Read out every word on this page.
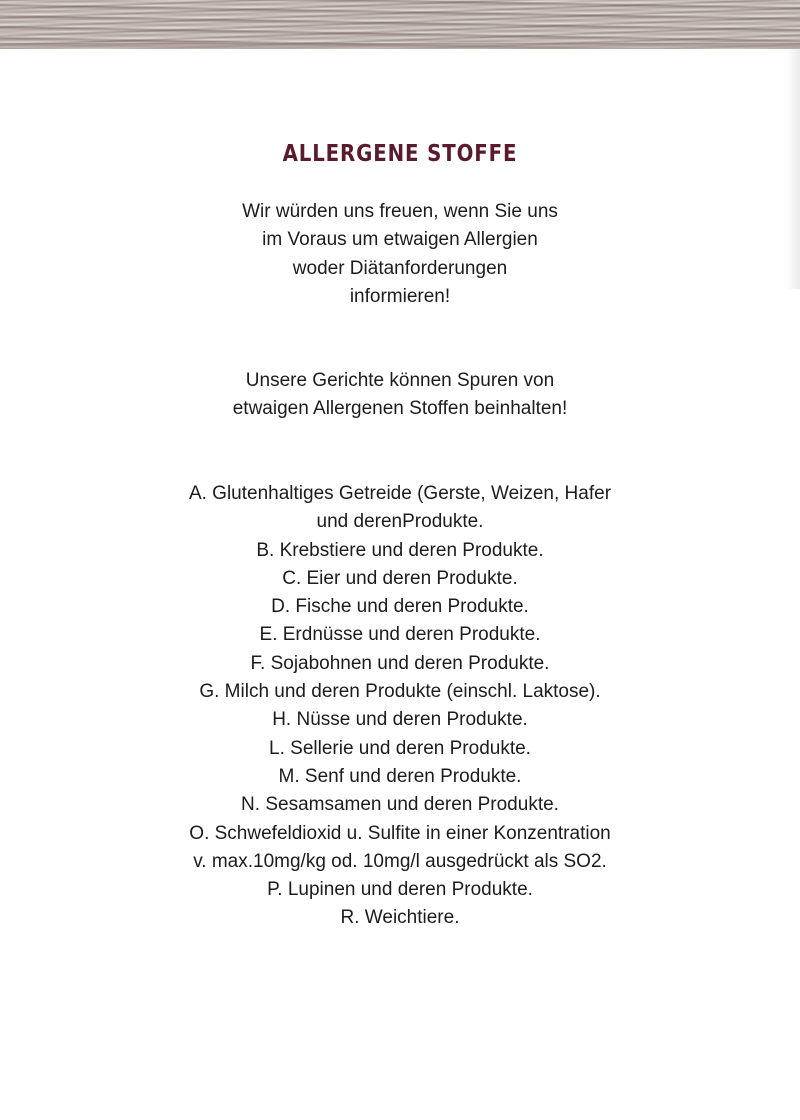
ALLERGENE STOFFE
Wir würden uns freuen, wenn Sie uns
im Voraus um etwaigen Allergien
woder Diätanforderungen
informieren!
Unsere Gerichte können Spuren von
etwaigen Allergenen Stoffen beinhalten!
A. Glutenhaltiges Getreide (Gerste, Weizen, Hafer
und derenProdukte.
B. Krebstiere und deren Produkte.
C. Eier und deren Produkte.
D. Fische und deren Produkte.
E. Erdnüsse und deren Produkte.
F. Sojabohnen und deren Produkte.
G. Milch und deren Produkte (einschl. Laktose).
H. Nüsse und deren Produkte.
L. Sellerie und deren Produkte.
M. Senf und deren Produkte.
N. Sesamsamen und deren Produkte.
O. Schwefeldioxid u. Sulfite in einer Konzentration
v. max.10mg/kg od. 10mg/l ausgedrückt als SO2.
P. Lupinen und deren Produkte.
R. Weichtiere.
